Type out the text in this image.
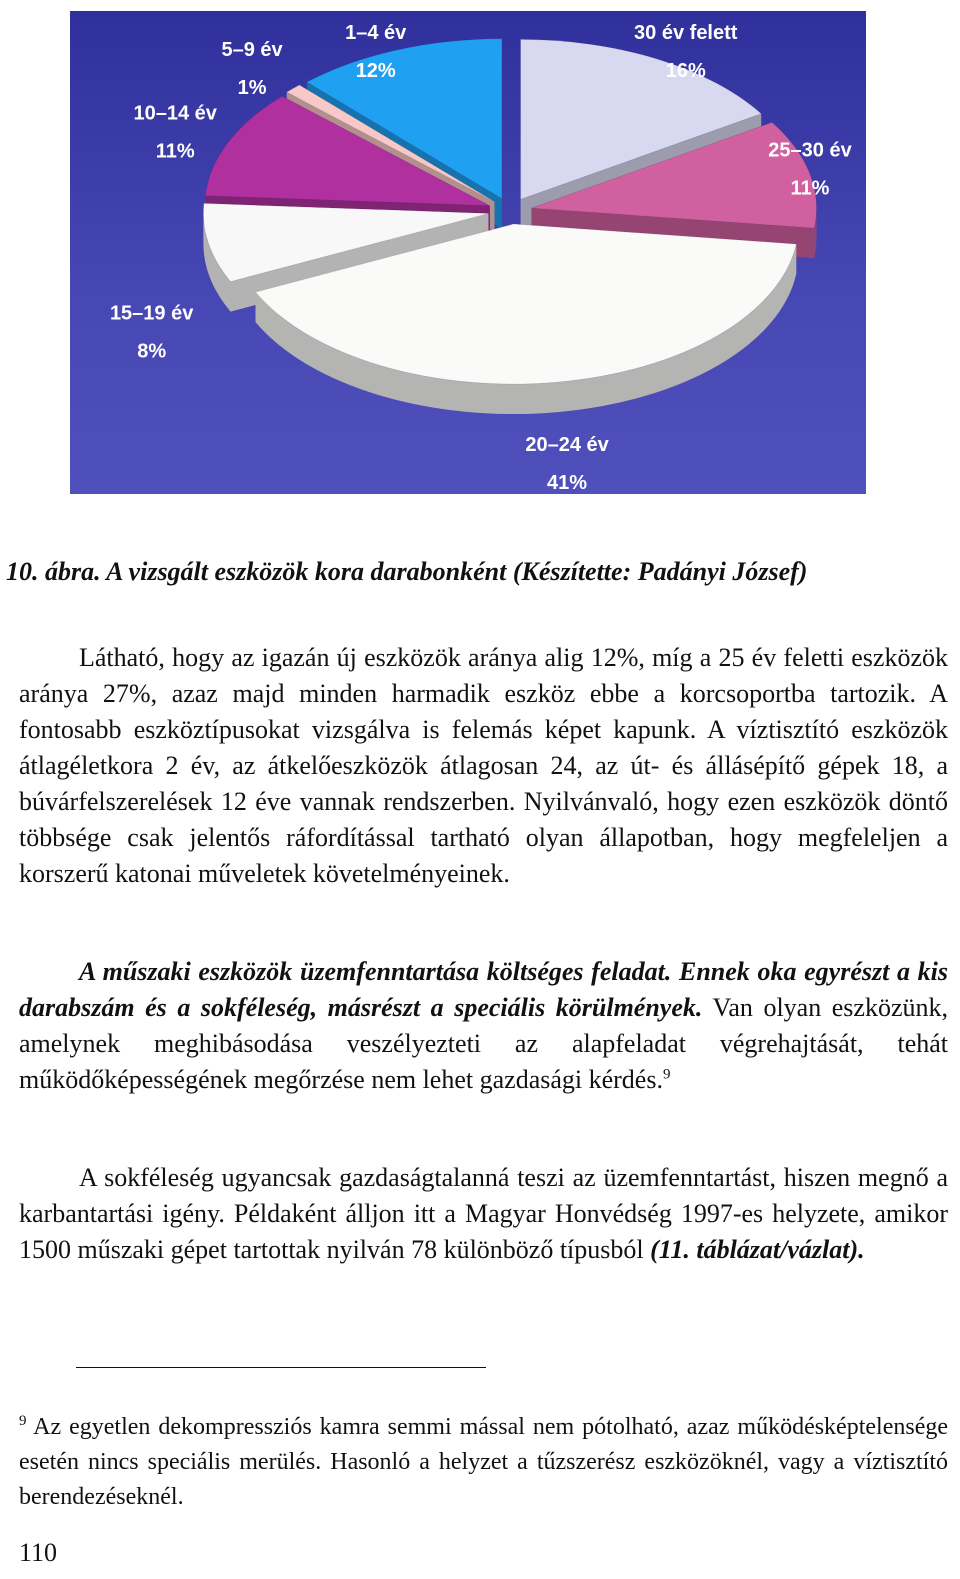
30 év felett
16%
25–30 év
11%
20–24 év
41%
15–19 év
8%
10–14 év
11%
5–9 év
1%
1–4 év
12%
10. ábra. A vizsgált eszközök kora darabonként (Készítette: Padányi József)

Látható, hogy az igazán új eszközök aránya alig 12%, míg a 25 év feletti eszközök aránya 27%, azaz majd minden harmadik eszköz ebbe a korcsoportba tartozik. A fontosabb eszköztípusokat vizsgálva is felemás képet kapunk. A víztisztító eszközök átlagéletkora 2 év, az átkelőeszközök átlagosan 24, az út- és állásépítő gépek 18, a búvárfelszerelések 12 éve vannak rendszerben. Nyilvánvaló, hogy ezen eszközök döntő többsége csak jelentős ráfordítással tartható olyan állapotban, hogy megfeleljen a korszerű katonai műveletek követelményeinek.

A műszaki eszközök üzemfenntartása költséges feladat. Ennek oka egyrészt a kis darabszám és a sokféleség, másrészt a speciális körülmények. Van olyan eszközünk, amelynek meghibásodása veszélyezteti az alapfeladat végrehajtását, tehát működőképességének megőrzése nem lehet gazdasági kérdés.$^9$

A sokféleség ugyancsak gazdaságtalanná teszi az üzemfenntartást, hiszen megnő a karbantartási igény. Példaként álljon itt a Magyar Honvédség 1997-es helyzete, amikor 1500 műszaki gépet tartottak nyilván 78 különböző típusból (11. táblázat/vázlat).

$^9$ Az egyetlen dekompressziós kamra semmi mással nem pótolható, azaz működésképtelensége esetén nincs speciális merülés. Hasonló a helyzet a tűzszerész eszközöknél, vagy a víztisztító berendezéseknél.

110
